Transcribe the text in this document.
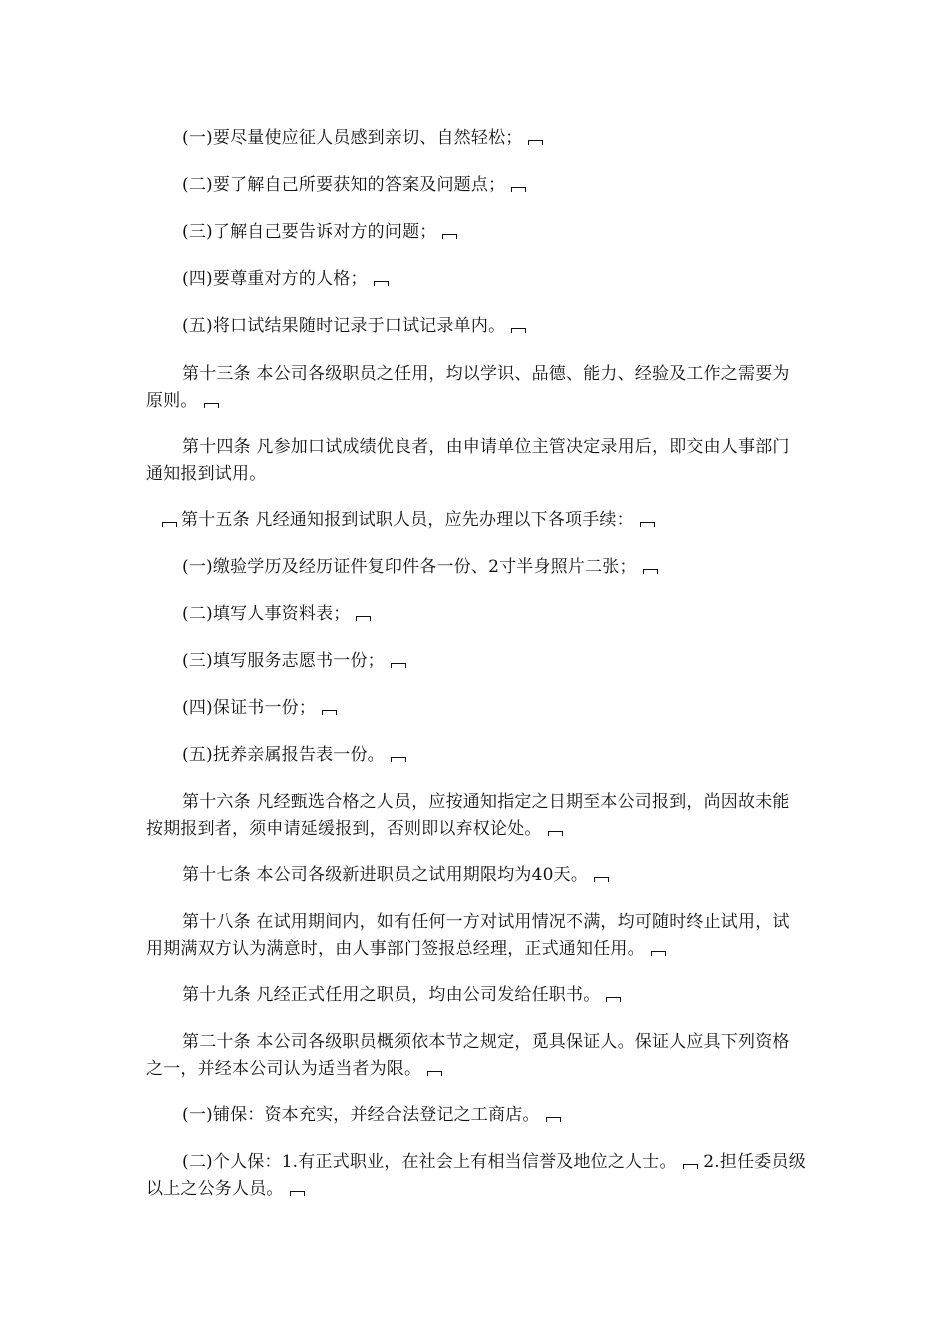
(一)要尽量使应征人员感到亲切、自然轻松；
(二)要了解自己所要获知的答案及问题点；
(三)了解自己要告诉对方的问题；
(四)要尊重对方的人格；
(五)将口试结果随时记录于口试记录单内。
第十三条 本公司各级职员之任用，均以学识、品德、能力、经验及工作之需要为原则。
第十四条 凡参加口试成绩优良者，由申请单位主管决定录用后，即交由人事部门通知报到试用。
第十五条 凡经通知报到试职人员，应先办理以下各项手续：
(一)缴验学历及经历证件复印件各一份、2寸半身照片二张；
(二)填写人事资料表；
(三)填写服务志愿书一份；
(四)保证书一份；
(五)抚养亲属报告表一份。
第十六条 凡经甄选合格之人员，应按通知指定之日期至本公司报到，尚因故未能按期报到者，须申请延缓报到，否则即以弃权论处。
第十七条 本公司各级新进职员之试用期限均为40天。
第十八条 在试用期间内，如有任何一方对试用情况不满，均可随时终止试用，试用期满双方认为满意时，由人事部门签报总经理，正式通知任用。
第十九条 凡经正式任用之职员，均由公司发给任职书。
第二十条 本公司各级职员概须依本节之规定，觅具保证人。保证人应具下列资格之一，并经本公司认为适当者为限。
(一)铺保：资本充实，并经合法登记之工商店。
(二)个人保：1.有正式职业，在社会上有相当信誉及地位之人士。 2.担任委员级以上之公务人员。
